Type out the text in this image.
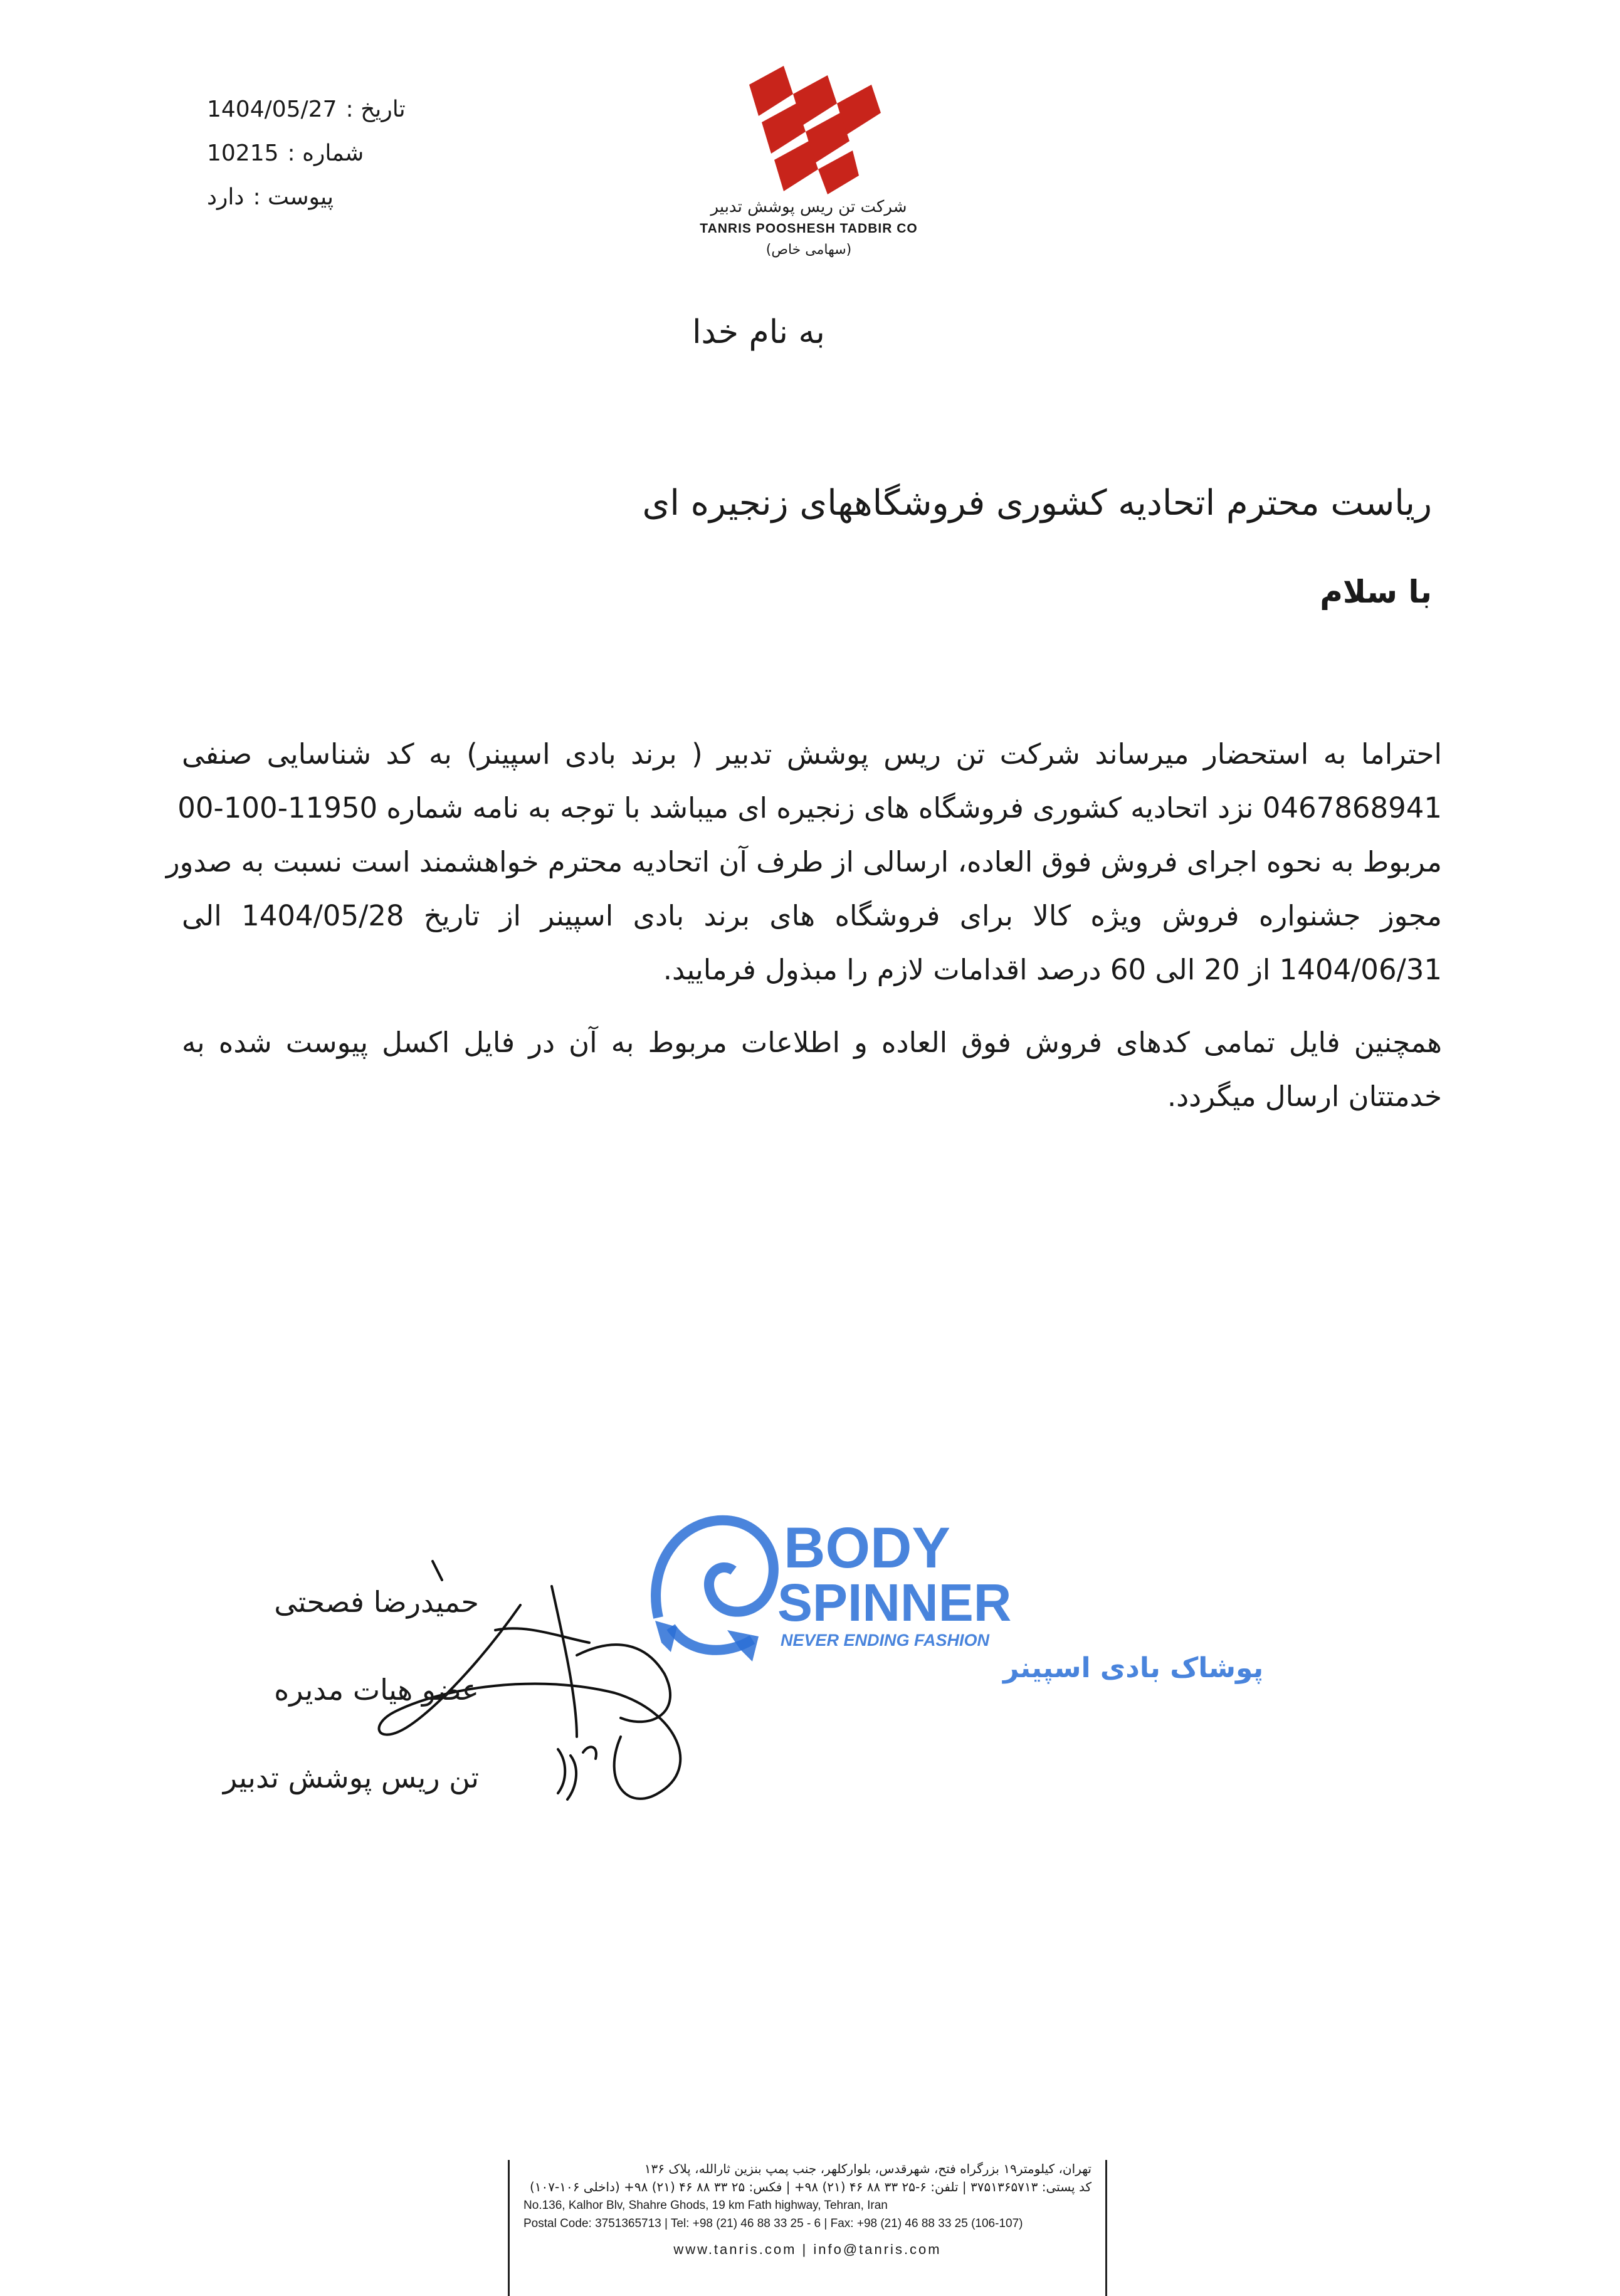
تاریخ :
1404/05/27
شماره :
10215
پیوست :
دارد	شرکت تن ریس پوشش تدبیر
TANRIS POOSHESH TADBIR CO
(سهامی خاص)
به نام خدا
ریاست محترم اتحادیه کشوری فروشگاههای زنجیره ای
با سلام
احتراما به استحضار میرساند شرکت تن ریس پوشش تدبیر ( برند بادی اسپینر) به کد شناسایی صنفی
0467868941 نزد اتحادیه کشوری فروشگاه های زنجیره ای میباشد با توجه به نامه شماره 11950-100-00
مربوط به نحوه اجرای فروش فوق العاده، ارسالی از طرف آن اتحادیه محترم خواهشمند است نسبت به صدور
مجوز جشنواره فروش ویژه کالا برای فروشگاه های برند بادی اسپینر از تاریخ 1404/05/28 الی
1404/06/31 از 20 الی 60 درصد اقدامات لازم را مبذول فرمایید.
همچنین فایل تمامی کدهای فروش فوق العاده و اطلاعات مربوط به آن در فایل اکسل پیوست شده به
خدمتتان ارسال میگردد.
BODY
SPINNER
NEVER ENDING FASHION
پوشاک بادی اسپینر
حمیدرضا فصحتی
عضو هیات مدیره
تن ریس پوشش تدبیر
تهران، کیلومتر۱۹ بزرگراه فتح، شهرقدس، بلوارکلهر، جنب پمپ بنزین ثارالله، پلاک ۱۳۶
کد پستی: ۳۷۵۱۳۶۵۷۱۳ | تلفن: ۶-۲۵ ۳۳ ۸۸ ۴۶ (۲۱) ۹۸+ | فکس: ۲۵ ۳۳ ۸۸ ۴۶ (۲۱) ۹۸+ (داخلی ۱۰۶-۱۰۷)
No.136, Kalhor Blv, Shahre Ghods, 19 km Fath highway, Tehran, Iran
Postal Code: 3751365713 | Tel: +98 (21) 46 88 33 25 - 6 | Fax: +98 (21) 46 88 33 25 (106-107)
www.tanris.com | info@tanris.com
